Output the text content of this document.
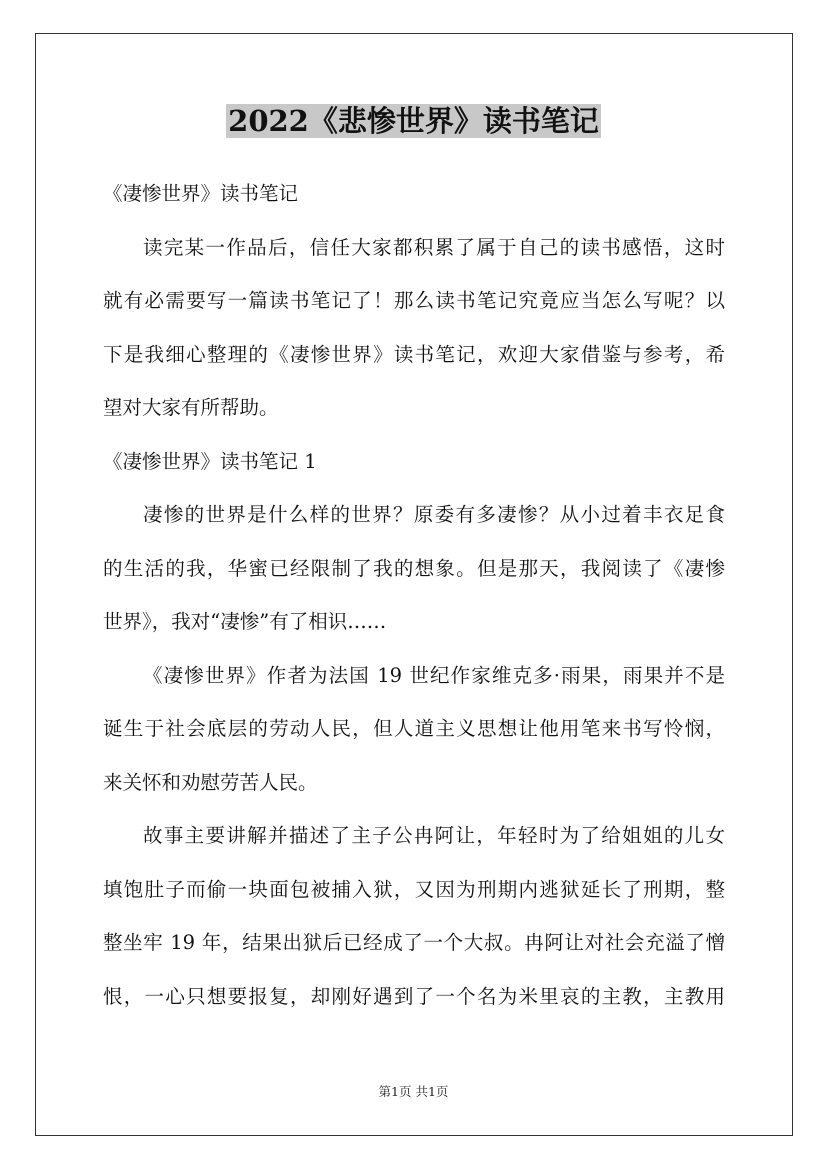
2022《悲惨世界》读书笔记
《凄惨世界》读书笔记
读完某一作品后，信任大家都积累了属于自己的读书感悟，这时
就有必需要写一篇读书笔记了！那么读书笔记究竟应当怎么写呢？以
下是我细心整理的《凄惨世界》读书笔记，欢迎大家借鉴与参考，希
望对大家有所帮助。
《凄惨世界》读书笔记 1
凄惨的世界是什么样的世界？原委有多凄惨？从小过着丰衣足食
的生活的我，华蜜已经限制了我的想象。但是那天，我阅读了《凄惨
世界》，我对“凄惨”有了相识……
《凄惨世界》作者为法国 19 世纪作家维克多·雨果，雨果并不是
诞生于社会底层的劳动人民，但人道主义思想让他用笔来书写怜悯，
来关怀和劝慰劳苦人民。
故事主要讲解并描述了主子公冉阿让，年轻时为了给姐姐的儿女
填饱肚子而偷一块面包被捕入狱，又因为刑期内逃狱延长了刑期，整
整坐牢 19 年，结果出狱后已经成了一个大叔。冉阿让对社会充溢了憎
恨，一心只想要报复，却刚好遇到了一个名为米里哀的主教，主教用
第1页 共1页
